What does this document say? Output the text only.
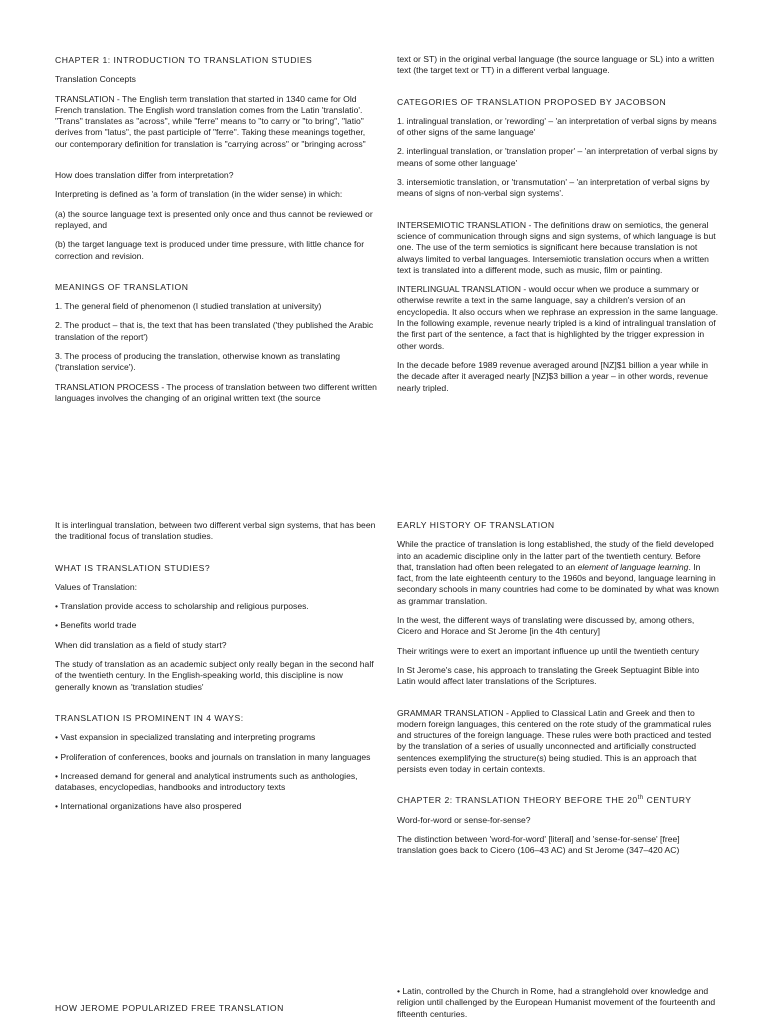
CHAPTER 1: INTRODUCTION TO TRANSLATION STUDIES

Translation Concepts

TRANSLATION - The English term translation that started in 1340 came for Old French translation. The English word translation comes from the Latin 'translatio'. "Trans" translates as "across", while "ferre" means to "to carry or "to bring", "latio" derives from "latus", the past participle of "ferre". Taking these meanings together, our contemporary definition for translation is "carrying across" or "bringing across"

How does translation differ from interpretation?

Interpreting is defined as 'a form of translation (in the wider sense) in which:

(a) the source language text is presented only once and thus cannot be reviewed or replayed, and

(b) the target language text is produced under time pressure, with little chance for correction and revision.

MEANINGS OF TRANSLATION

1. The general field of phenomenon (I studied translation at university)

2. The product – that is, the text that has been translated ('they published the Arabic translation of the report')

3. The process of producing the translation, otherwise known as translating ('translation service').

TRANSLATION PROCESS - The process of translation between two different written languages involves the changing of an original written text (the source

text or ST) in the original verbal language (the source language or SL) into a written text (the target text or TT) in a different verbal language.

CATEGORIES OF TRANSLATION PROPOSED BY JACOBSON

1. intralingual translation, or 'rewording' – 'an interpretation of verbal signs by means of other signs of the same language'

2. interlingual translation, or 'translation proper' – 'an interpretation of verbal signs by means of some other language'

3. intersemiotic translation, or 'transmutation' – 'an interpretation of verbal signs by means of signs of non-verbal sign systems'.

INTERSEMIOTIC TRANSLATION - The definitions draw on semiotics, the general science of communication through signs and sign systems, of which language is but one. The use of the term semiotics is significant here because translation is not always limited to verbal languages. Intersemiotic translation occurs when a written text is translated into a different mode, such as music, film or painting.

INTERLINGUAL TRANSLATION - would occur when we produce a summary or otherwise rewrite a text in the same language, say a children's version of an encyclopedia. It also occurs when we rephrase an expression in the same language. In the following example, revenue nearly tripled is a kind of intralingual translation of the first part of the sentence, a fact that is highlighted by the trigger expression in other words.

In the decade before 1989 revenue averaged around [NZ]$1 billion a year while in the decade after it averaged nearly [NZ]$3 billion a year – in other words, revenue nearly tripled.

It is interlingual translation, between two different verbal sign systems, that has been the traditional focus of translation studies.

WHAT IS TRANSLATION STUDIES?

Values of Translation:

• Translation provide access to scholarship and religious purposes.

• Benefits world trade

When did translation as a field of study start?

The study of translation as an academic subject only really began in the second half of the twentieth century. In the English-speaking world, this discipline is now generally known as 'translation studies'

TRANSLATION IS PROMINENT IN 4 WAYS:

• Vast expansion in specialized translating and interpreting programs

• Proliferation of conferences, books and journals on translation in many languages

• Increased demand for general and analytical instruments such as anthologies, databases, encyclopedias, handbooks and introductory texts

• International organizations have also prospered

EARLY HISTORY OF TRANSLATION

While the practice of translation is long established, the study of the field developed into an academic discipline only in the latter part of the twentieth century. Before that, translation had often been relegated to an element of language learning. In fact, from the late eighteenth century to the 1960s and beyond, language learning in secondary schools in many countries had come to be dominated by what was known as grammar translation.

In the west, the different ways of translating were discussed by, among others, Cicero and Horace and St Jerome [in the 4th century]

Their writings were to exert an important influence up until the twentieth century

In St Jerome's case, his approach to translating the Greek Septuagint Bible into Latin would affect later translations of the Scriptures.

GRAMMAR TRANSLATION - Applied to Classical Latin and Greek and then to modern foreign languages, this centered on the rote study of the grammatical rules and structures of the foreign language. These rules were both practiced and tested by the translation of a series of usually unconnected and artificially constructed sentences exemplifying the structure(s) being studied. This is an approach that persists even today in certain contexts.

CHAPTER 2: TRANSLATION THEORY BEFORE THE 20th CENTURY

Word-for-word or sense-for-sense?

The distinction between 'word-for-word' [literal] and 'sense-for-sense' [free] translation goes back to Cicero (106–43 AC) and St Jerome (347–420 AC)

HOW JEROME POPULARIZED FREE TRANSLATION

• Latin, controlled by the Church in Rome, had a stranglehold over knowledge and religion until challenged by the European Humanist movement of the fourteenth and fifteenth centuries.
